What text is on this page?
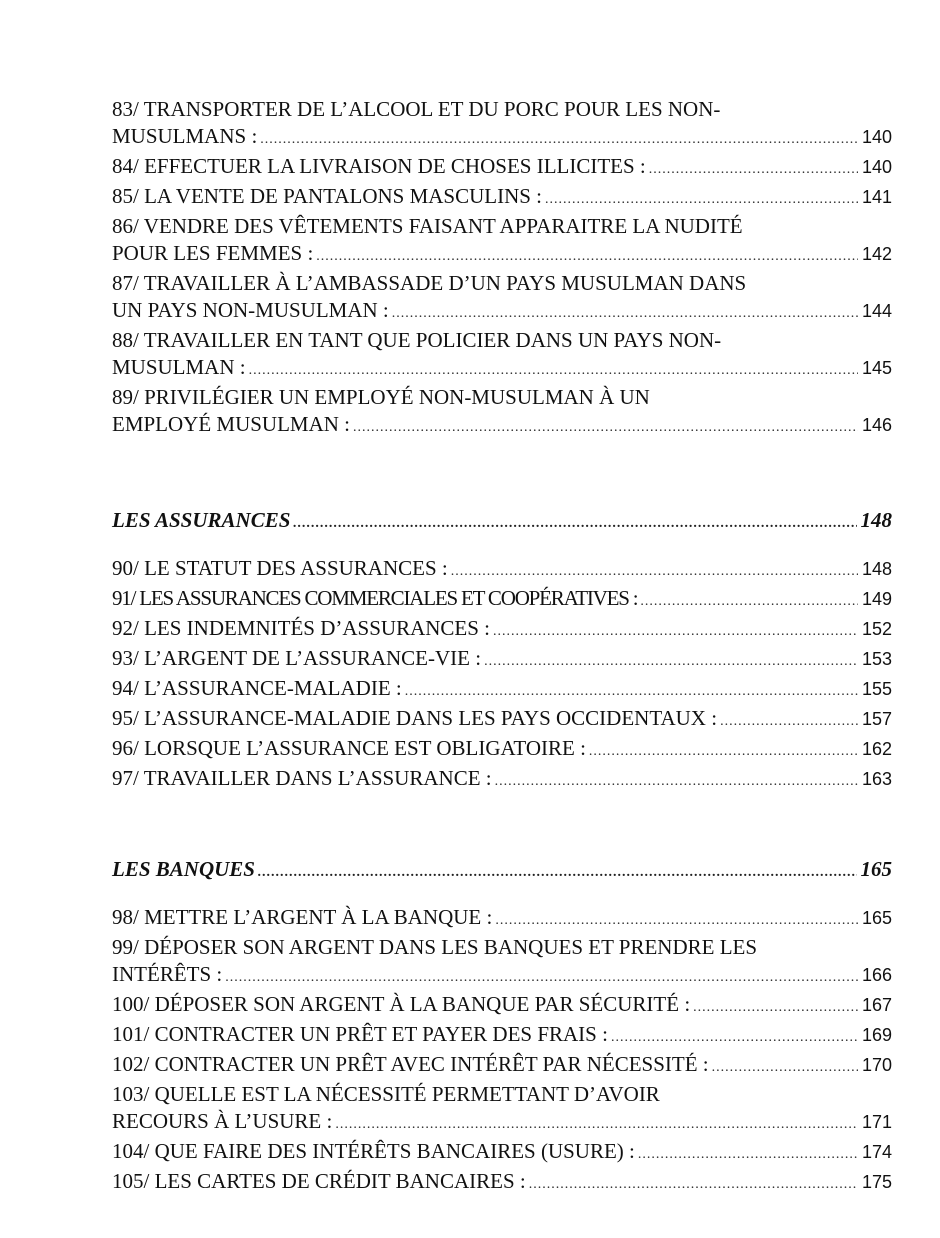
83/ TRANSPORTER DE L’ALCOOL ET DU PORC POUR LES NON-
MUSULMANS : .....	140
84/ EFFECTUER LA LIVRAISON DE CHOSES ILLICITES : .....	140
85/ LA VENTE DE PANTALONS MASCULINS : .....	141
86/ VENDRE DES VÊTEMENTS FAISANT APPARAITRE LA NUDITÉ
POUR LES FEMMES : .....	142
87/ TRAVAILLER À L’AMBASSADE D’UN PAYS MUSULMAN DANS
UN PAYS NON-MUSULMAN : .....	144
88/ TRAVAILLER EN TANT QUE POLICIER DANS UN PAYS NON-
MUSULMAN : .....	145
89/ PRIVILÉGIER UN EMPLOYÉ NON-MUSULMAN À UN
EMPLOYÉ MUSULMAN : .....	146
LES ASSURANCES .....	148
90/ LE STATUT DES ASSURANCES : .....	148
91/ LES ASSURANCES COMMERCIALES ET COOPÉRATIVES : .....	149
92/ LES INDEMNITÉS D’ASSURANCES : .....	152
93/ L’ARGENT DE L’ASSURANCE-VIE : .....	153
94/ L’ASSURANCE-MALADIE : .....	155
95/ L’ASSURANCE-MALADIE DANS LES PAYS OCCIDENTAUX : .....	157
96/ LORSQUE L’ASSURANCE EST OBLIGATOIRE : .....	162
97/ TRAVAILLER DANS L’ASSURANCE : .....	163
LES BANQUES .....	165
98/ METTRE L’ARGENT À LA BANQUE : .....	165
99/ DÉPOSER SON ARGENT DANS LES BANQUES ET PRENDRE LES
INTÉRÊTS : .....	166
100/ DÉPOSER SON ARGENT À LA BANQUE PAR SÉCURITÉ : .....	167
101/ CONTRACTER UN PRÊT ET PAYER DES FRAIS : .....	169
102/ CONTRACTER UN PRÊT AVEC INTÉRÊT PAR NÉCESSITÉ : .....	170
103/ QUELLE EST LA NÉCESSITÉ PERMETTANT D’AVOIR
RECOURS À L’USURE : .....	171
104/ QUE FAIRE DES INTÉRÊTS BANCAIRES (USURE) : .....	174
105/ LES CARTES DE CRÉDIT BANCAIRES : .....	175
